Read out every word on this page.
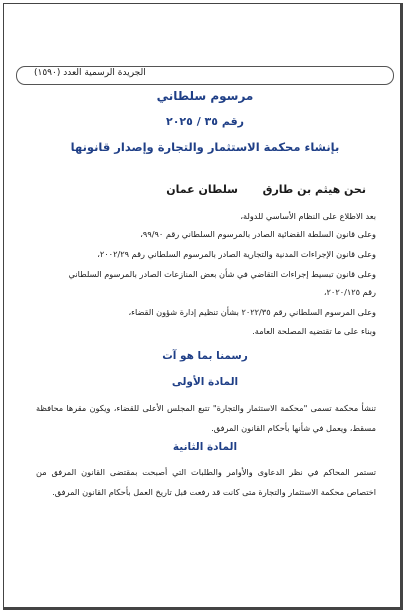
الجريدة الرسمية العدد (١٥٩٠)
مرسوم سلطاني
رقم ٣٥ / ٢٠٢٥
بإنشاء محكمة الاستثمار والتجارة وإصدار قانونها
نحن هيثم بن طارق
سلطان عمان
بعد الاطلاع على النظام الأساسي للدولة،
وعلى قانون السلطة القضائية الصادر بالمرسوم السلطاني رقم ٩٩/٩٠،
وعلى قانون الإجراءات المدنية والتجارية الصادر بالمرسوم السلطاني رقم ٢٠٠٢/٢٩،
وعلى قانون تبسيط إجراءات التقاضي في شأن بعض المنازعات الصادر بالمرسوم السلطاني
رقم ٢٠٢٠/١٢٥،
وعلى المرسوم السلطاني رقم ٢٠٢٢/٣٥ بشأن تنظيم إدارة شؤون القضاء،
وبناء على ما تقتضيه المصلحة العامة.
رسمنا بما هو آت
المادة الأولى
تنشأ محكمة تسمى "محكمة الاستثمار والتجارة" تتبع المجلس الأعلى للقضاء، ويكون مقرها محافظة مسقط، ويعمل في شأنها بأحكام القانون المرفق.
المادة الثانية
تستمر المحاكم في نظر الدعاوى والأوامر والطلبات التي أصبحت بمقتضى القانون المرفق من اختصاص محكمة الاستثمار والتجارة متى كانت قد رفعت قبل تاريخ العمل بأحكام القانون المرفق.
